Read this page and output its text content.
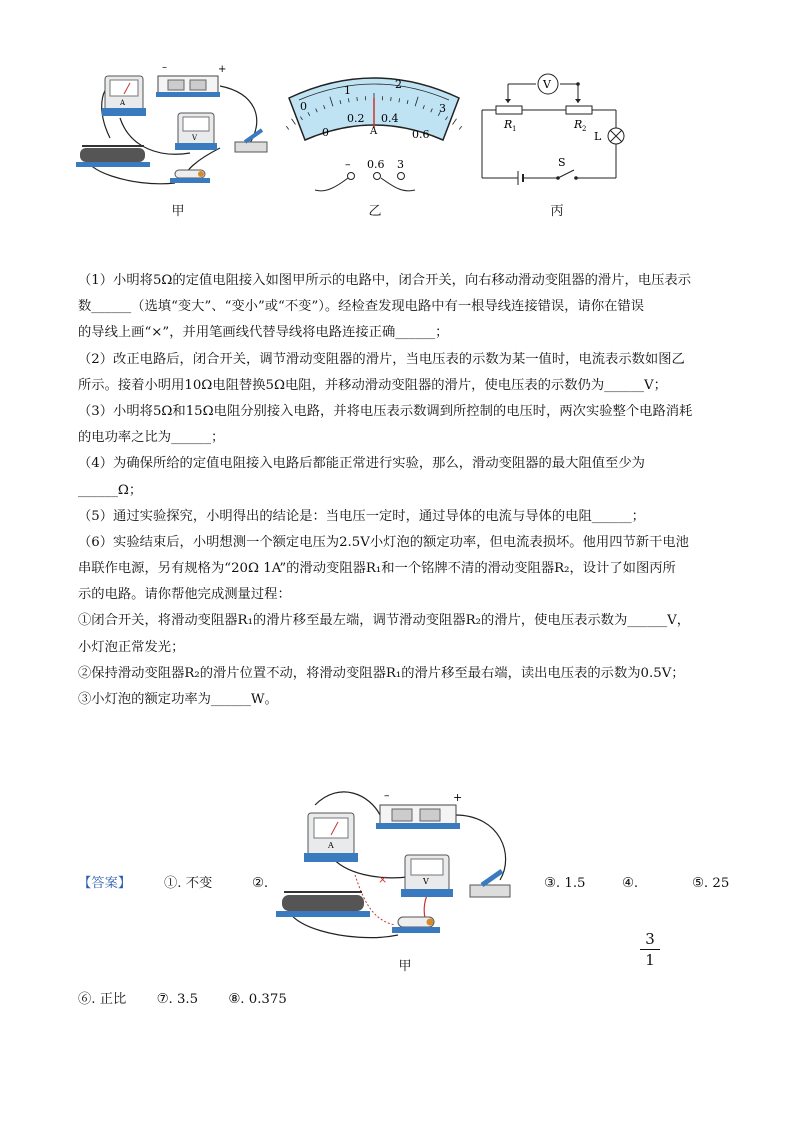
A
–	+
V
甲
0
1	2
3
0
0.2 0.4
0.6
A
– 0.6 3
乙
V
R 1	R 2
L
S
丙
（1）小明将5Ω的定值电阻接入如图甲所示的电路中，闭合开关，向右移动滑动变阻器的滑片，电压表示
数______（选填“变大”、“变小”或“不变”）。经检查发现电路中有一根导线连接错误，请你在错误
的导线上画“×”，并用笔画线代替导线将电路连接正确______；
（2）改正电路后，闭合开关，调节滑动变阻器的滑片，当电压表的示数为某一值时，电流表示数如图乙
所示。接着小明用10Ω电阻替换5Ω电阻，并移动滑动变阻器的滑片，使电压表的示数仍为______V；
（3）小明将5Ω和15Ω电阻分别接入电路，并将电压表示数调到所控制的电压时，两次实验整个电路消耗
的电功率之比为______；
（4）为确保所给的定值电阻接入电路后都能正常进行实验，那么，滑动变阻器的最大阻值至少为
______Ω；
（5）通过实验探究，小明得出的结论是：当电压一定时，通过导体的电流与导体的电阻______；
（6）实验结束后，小明想测一个额定电压为2.5V小灯泡的额定功率，但电流表损坏。他用四节新干电池
串联作电源，另有规格为“20Ω 1A”的滑动变阻器R₁和一个铭牌不清的滑动变阻器R₂，设计了如图丙所
示的电路。请你帮他完成测量过程：
①闭合开关，将滑动变阻器R₁的滑片移至最左端，调节滑动变阻器R₂的滑片，使电压表示数为______V，
小灯泡正常发光；
②保持滑动变阻器R₂的滑片位置不动，将滑动变阻器R₁的滑片移至最右端，读出电压表的示数为0.5V；
③小灯泡的额定功率为______W。
×
A
–	+
V
甲
【答案】 ①. 不变	②.	③. 1.5	④.	⑤. 25
3
1
⑥. 正比 ⑦. 3.5 ⑧. 0.375
